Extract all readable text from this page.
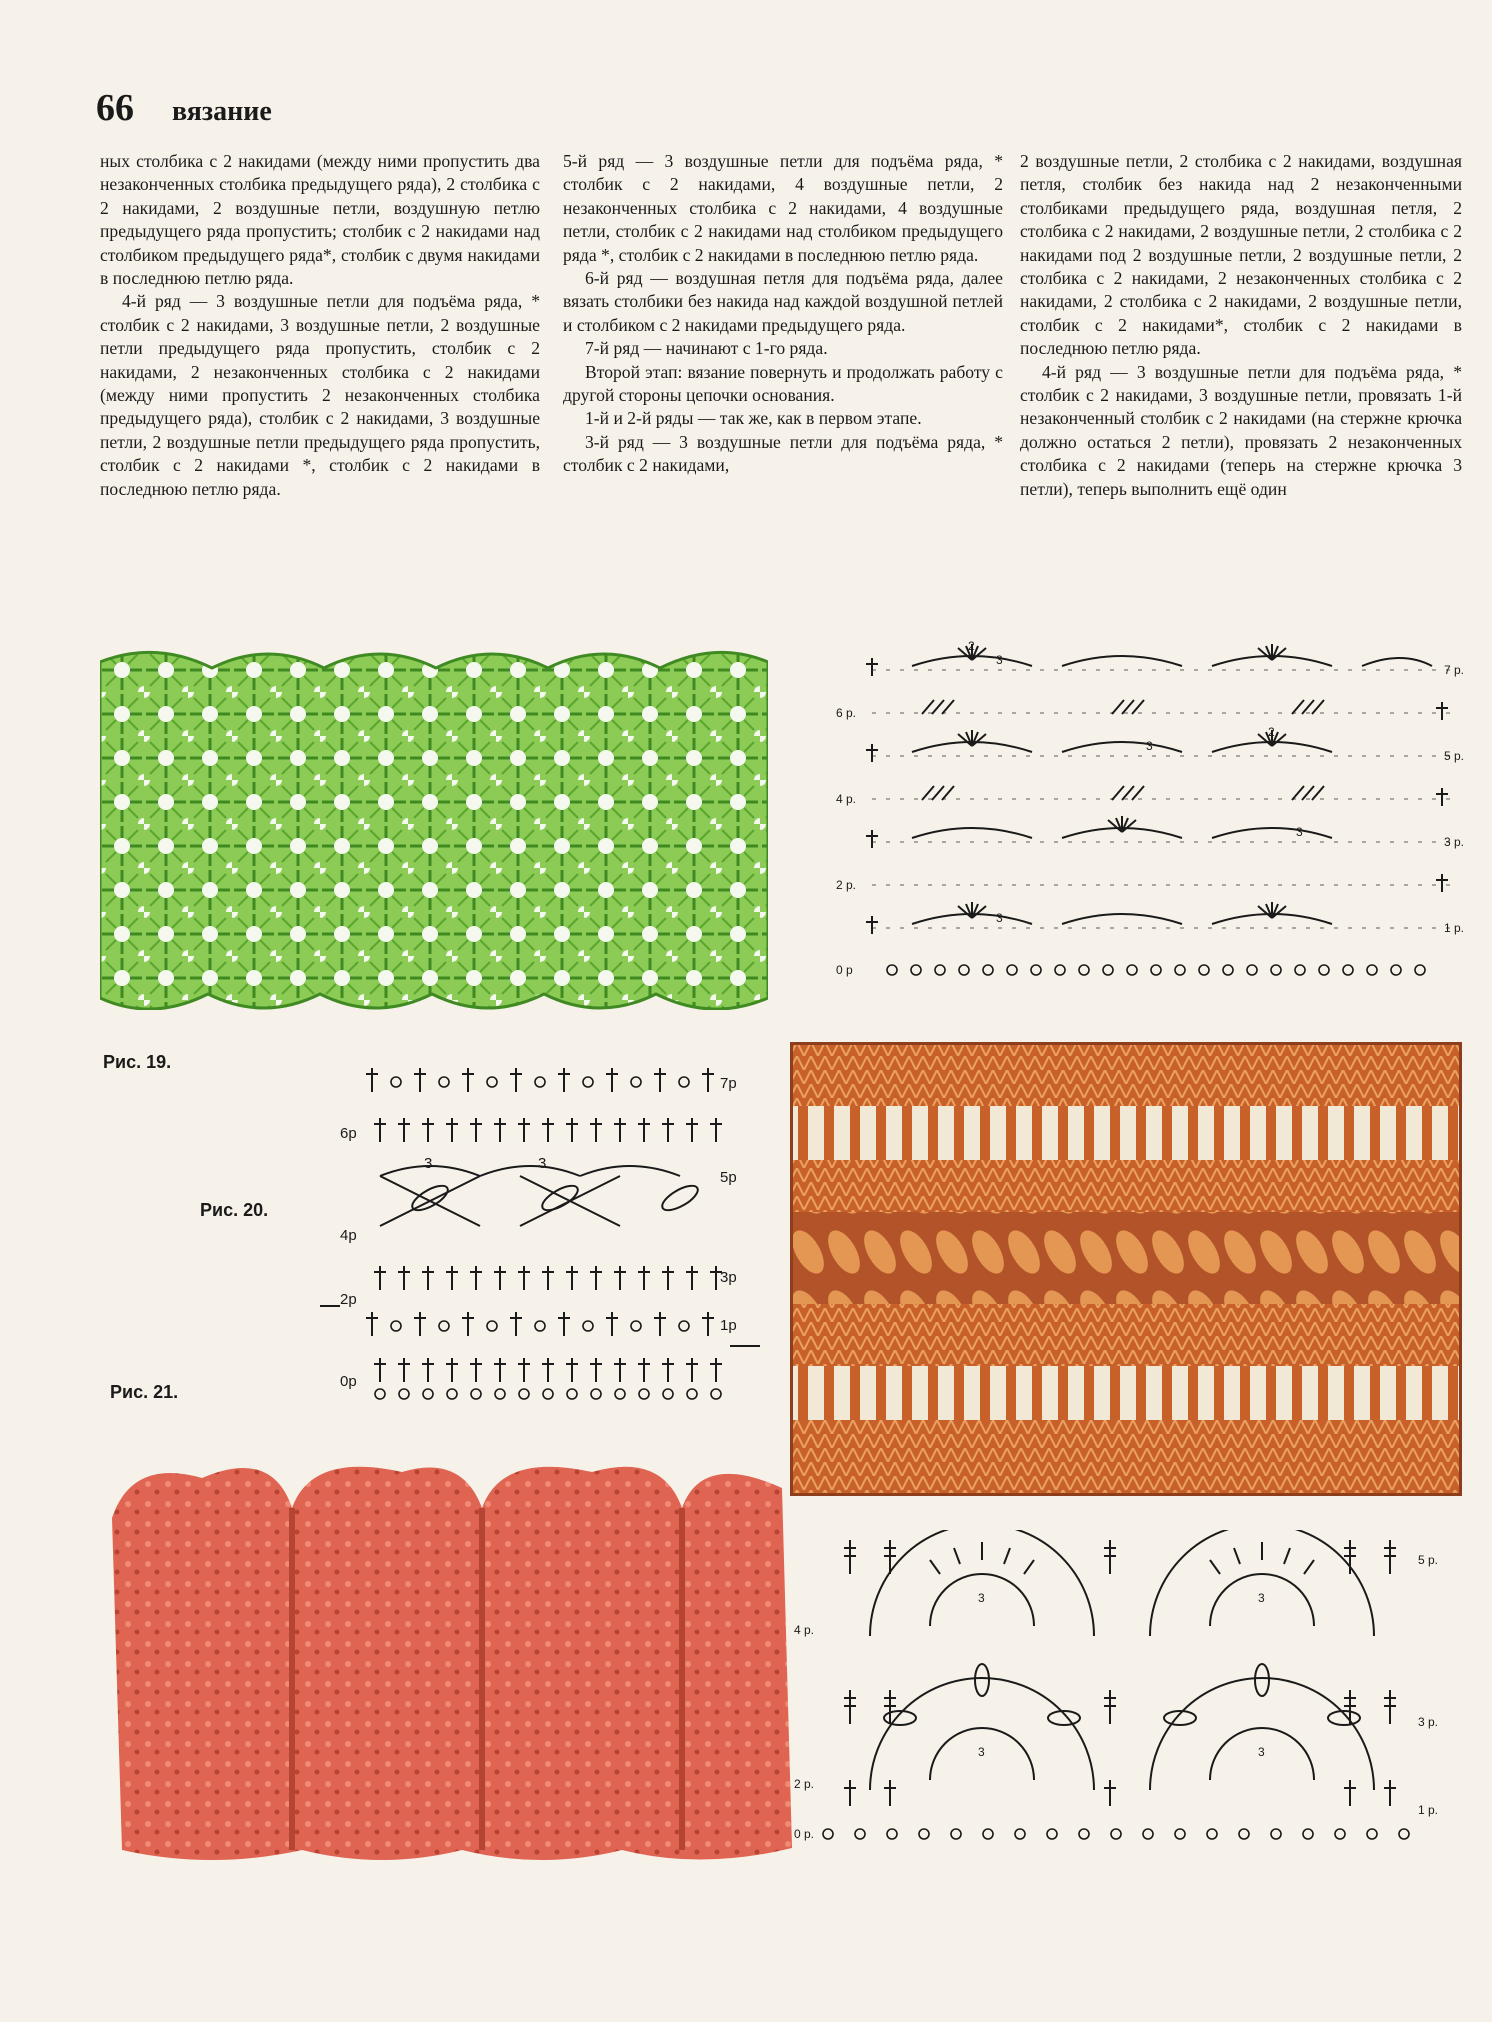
66 вязание

ных столбика с 2 накидами (между ними пропустить два незаконченных столбика предыдущего ряда), 2 столбика с 2 накидами, 2 воздушные петли, воздушную петлю предыдущего ряда пропустить; столбик с 2 накидами над столбиком предыдущего ряда*, столбик с двумя накидами в последнюю петлю ряда.

4-й ряд — 3 воздушные петли для подъёма ряда, * столбик с 2 накидами, 3 воздушные петли, 2 воздушные петли предыдущего ряда пропустить, столбик с 2 накидами, 2 незаконченных столбика с 2 накидами (между ними пропустить 2 незаконченных столбика предыдущего ряда), столбик с 2 накидами, 3 воздушные петли, 2 воздушные петли предыдущего ряда пропустить, столбик с 2 накидами *, столбик с 2 накидами в последнюю петлю ряда.

5-й ряд — 3 воздушные петли для подъёма ряда, * столбик с 2 накидами, 4 воздушные петли, 2 незаконченных столбика с 2 накидами, 4 воздушные петли, столбик с 2 накидами над столбиком предыдущего ряда *, столбик с 2 накидами в последнюю петлю ряда.

6-й ряд — воздушная петля для подъёма ряда, далее вязать столбики без накида над каждой воздушной петлей и столбиком с 2 накидами предыдущего ряда.

7-й ряд — начинают с 1-го ряда.

Второй этап: вязание повернуть и продолжать работу с другой стороны цепочки основания.

1-й и 2-й ряды — так же, как в первом этапе.

3-й ряд — 3 воздушные петли для подъёма ряда, * столбик с 2 накидами,

2 воздушные петли, 2 столбика с 2 накидами, воздушная петля, столбик без накида над 2 незаконченными столбиками предыдущего ряда, воздушная петля, 2 столбика с 2 накидами, 2 воздушные петли, 2 столбика с 2 накидами под 2 воздушные петли, 2 воздушные петли, 2 столбика с 2 накидами, 2 незаконченных столбика с 2 накидами, 2 столбика с 2 накидами, 2 воздушные петли, столбик с 2 накидами*, столбик с 2 накидами в последнюю петлю ряда.

4-й ряд — 3 воздушные петли для подъёма ряда, * столбик с 2 накидами, 3 воздушные петли, провязать 1-й незаконченный столбик с 2 накидами (на стержне крючка должно остаться 2 петли), провязать 2 незаконченных столбика с 2 накидами (теперь на стержне крючка 3 петли), теперь выполнить ещё один

7 р.
6 р.
5 р.
4 р.
3 р.
2 р.
1 р.
0 р
3
3
3
3
2
2
Рис. 19.
7р
6р
5р
4р
3р
2р
1р
0р
3	3
Рис. 20.
Рис. 21.
5 р.
4 р.
3 р.
2 р.
1 р.
0 р.
3	3
3	3
